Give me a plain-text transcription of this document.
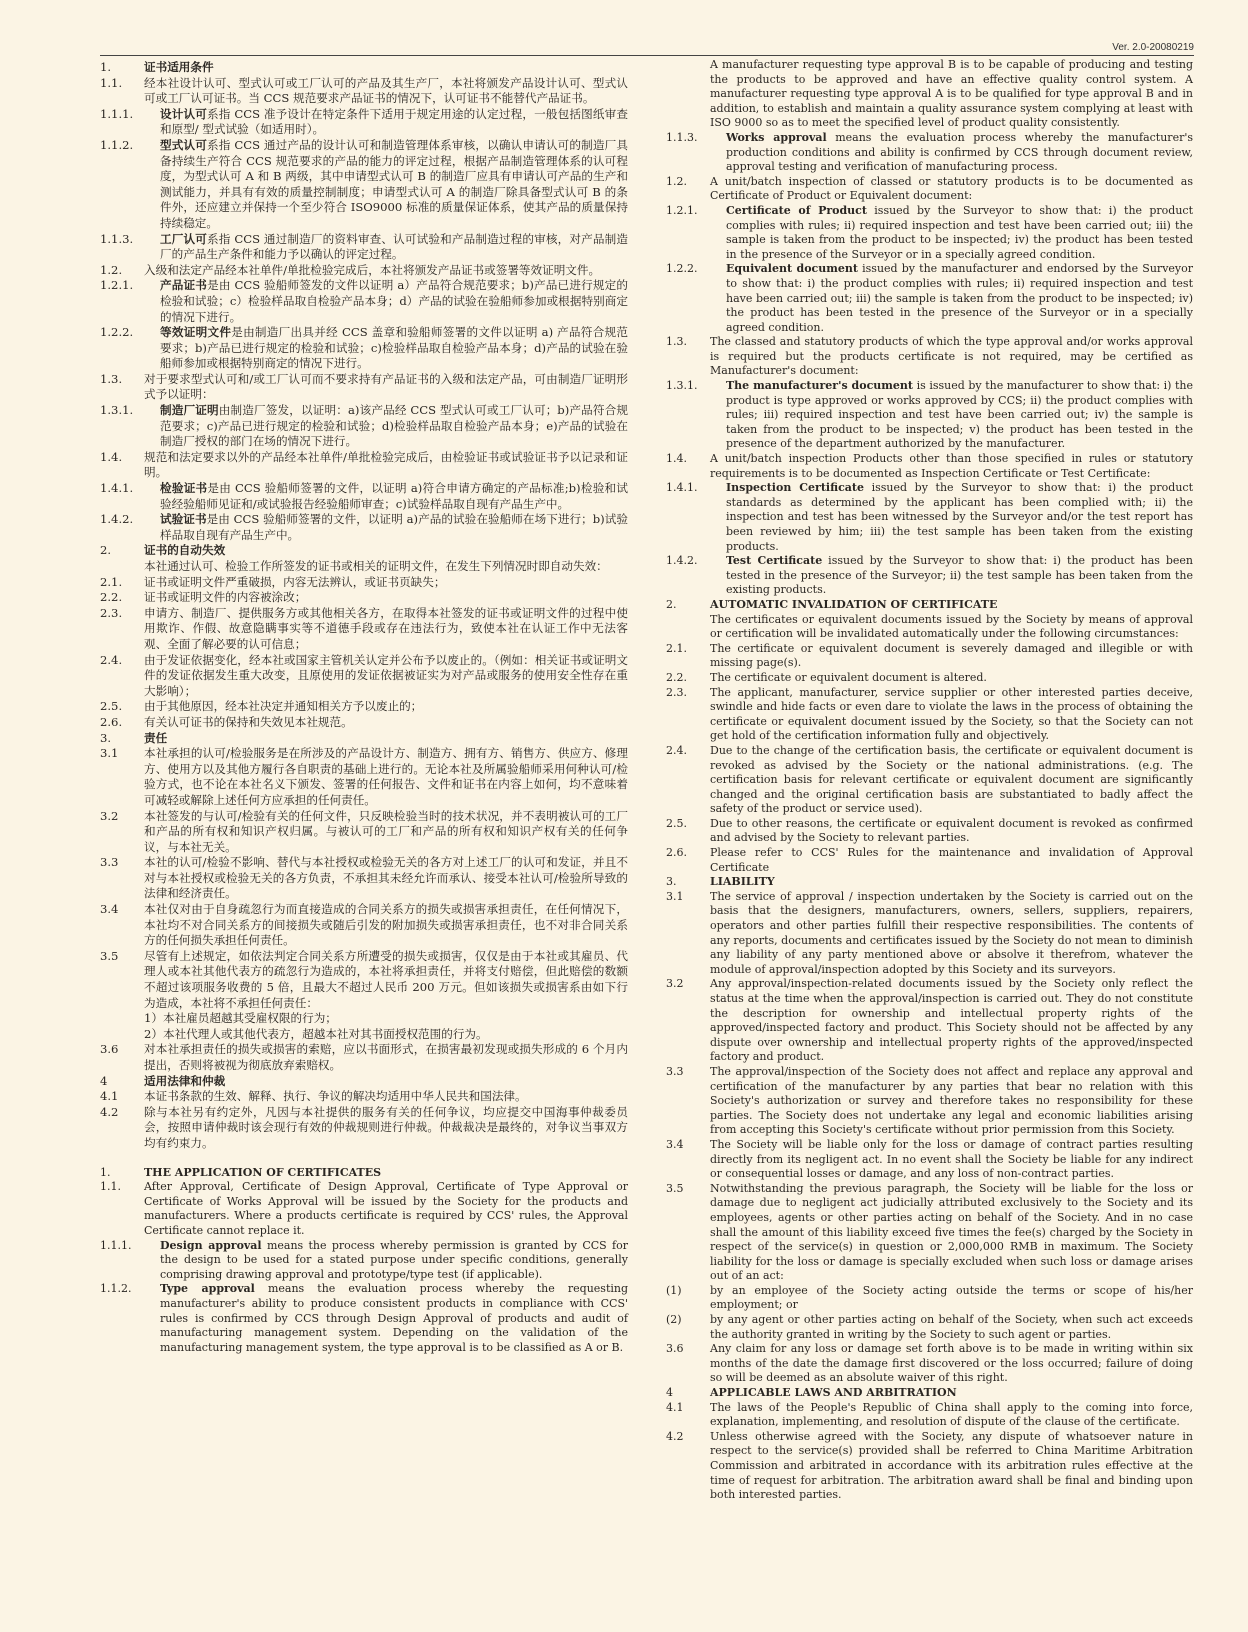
Ver. 2.0-20080219
1.	证书适用条件
1.1.	经本社设计认可、型式认可或工厂认可的产品及其生产厂，本社将颁发产品设计认可、型式认可或工厂认可证书。当 CCS 规范要求产品证书的情况下，认可证书不能替代产品证书。
1.1.1.	设计认可系指 CCS 准予设计在特定条件下适用于规定用途的认定过程，一般包括图纸审查和原型/ 型式试验（如适用时）。
1.1.2.	型式认可系指 CCS 通过产品的设计认可和制造管理体系审核，以确认申请认可的制造厂具备持续生产符合 CCS 规范要求的产品的能力的评定过程，根据产品制造管理体系的认可程度，为型式认可 A 和 B 两级，其中申请型式认可 B 的制造厂应具有申请认可产品的生产和测试能力，并具有有效的质量控制制度；申请型式认可 A 的制造厂除具备型式认可 B 的条件外，还应建立并保持一个至少符合 ISO9000 标准的质量保证体系，使其产品的质量保持持续稳定。
1.1.3.	工厂认可系指 CCS 通过制造厂的资料审查、认可试验和产品制造过程的审核，对产品制造厂的产品生产条件和能力予以确认的评定过程。
1.2.	入级和法定产品经本社单件/单批检验完成后，本社将颁发产品证书或签署等效证明文件。
1.2.1.	产品证书是由 CCS 验船师签发的文件以证明 a）产品符合规范要求；b)产品已进行规定的检验和试验；c）检验样品取自检验产品本身；d）产品的试验在验船师参加或根据特别商定的情况下进行。
1.2.2.	等效证明文件是由制造厂出具并经 CCS 盖章和验船师签署的文件以证明 a) 产品符合规范要求；b)产品已进行规定的检验和试验；c)检验样品取自检验产品本身；d)产品的试验在验船师参加或根据特别商定的情况下进行。
1.3.	对于要求型式认可和/或工厂认可而不要求持有产品证书的入级和法定产品，可由制造厂证明形式予以证明：
1.3.1.	制造厂证明由制造厂签发，以证明：a)该产品经 CCS 型式认可或工厂认可；b)产品符合规范要求；c)产品已进行规定的检验和试验；d)检验样品取自检验产品本身；e)产品的试验在制造厂授权的部门在场的情况下进行。
1.4.	规范和法定要求以外的产品经本社单件/单批检验完成后，由检验证书或试验证书予以记录和证明。
1.4.1.	检验证书是由 CCS 验船师签署的文件，以证明 a)符合申请方确定的产品标准;b)检验和试验经验船师见证和/或试验报告经验船师审查；c)试验样品取自现有产品生产中。
1.4.2.	试验证书是由 CCS 验船师签署的文件，以证明 a)产品的试验在验船师在场下进行；b)试验样品取自现有产品生产中。
2.	证书的自动失效
本社通过认可、检验工作所签发的证书或相关的证明文件，在发生下列情况时即自动失效：
2.1.	证书或证明文件严重破损，内容无法辨认，或证书页缺失；
2.2.	证书或证明文件的内容被涂改；
2.3.	申请方、制造厂、提供服务方或其他相关各方，在取得本社签发的证书或证明文件的过程中使用欺诈、作假、故意隐瞒事实等不道德手段或存在违法行为，致使本社在认证工作中无法客观、全面了解必要的认可信息；
2.4.	由于发证依据变化，经本社或国家主管机关认定并公布予以废止的。（例如：相关证书或证明文件的发证依据发生重大改变，且原使用的发证依据被证实为对产品或服务的使用安全性存在重大影响）；
2.5.	由于其他原因，经本社决定并通知相关方予以废止的；
2.6.	有关认可证书的保持和失效见本社规范。
3.	责任
3.1	本社承担的认可/检验服务是在所涉及的产品设计方、制造方、拥有方、销售方、供应方、修理方、使用方以及其他方履行各自职责的基础上进行的。无论本社及所属验船师采用何种认可/检验方式，也不论在本社名义下颁发、签署的任何报告、文件和证书在内容上如何，均不意味着可减轻或解除上述任何方应承担的任何责任。
3.2	本社签发的与认可/检验有关的任何文件，只反映检验当时的技术状况，并不表明被认可的工厂和产品的所有权和知识产权归属。与被认可的工厂和产品的所有权和知识产权有关的任何争议，与本社无关。
3.3	本社的认可/检验不影响、替代与本社授权或检验无关的各方对上述工厂的认可和发证，并且不对与本社授权或检验无关的各方负责，不承担其未经允许而承认、接受本社认可/检验所导致的法律和经济责任。
3.4	本社仅对由于自身疏忽行为而直接造成的合同关系方的损失或损害承担责任，在任何情况下，本社均不对合同关系方的间接损失或随后引发的附加损失或损害承担责任，也不对非合同关系方的任何损失承担任何责任。
3.5	尽管有上述规定，如依法判定合同关系方所遭受的损失或损害，仅仅是由于本社或其雇员、代理人或本社其他代表方的疏忽行为造成的，本社将承担责任，并将支付赔偿，但此赔偿的数额不超过该项服务收费的 5 倍，且最大不超过人民币 200 万元。但如该损失或损害系由如下行为造成，本社将不承担任何责任：
1）本社雇员超越其受雇权限的行为；
2）本社代理人或其他代表方，超越本社对其书面授权范围的行为。
3.6	对本社承担责任的损失或损害的索赔，应以书面形式，在损害最初发现或损失形成的 6 个月内提出，否则将被视为彻底放弃索赔权。
4	适用法律和仲裁
4.1	本证书条款的生效、解释、执行、争议的解决均适用中华人民共和国法律。
4.2	除与本社另有约定外，凡因与本社提供的服务有关的任何争议，均应提交中国海事仲裁委员会，按照申请仲裁时该会现行有效的仲裁规则进行仲裁。仲裁裁决是最终的，对争议当事双方均有约束力。
1.	THE APPLICATION OF CERTIFICATES
1.1.	After Approval, Certificate of Design Approval, Certificate of Type Approval or Certificate of Works Approval will be issued by the Society for the products and manufacturers. Where a products certificate is required by CCS' rules, the Approval Certificate cannot replace it.
1.1.1.	Design approval means the process whereby permission is granted by CCS for the design to be used for a stated purpose under specific conditions, generally comprising drawing approval and prototype/type test (if applicable).
1.1.2.	Type approval means the evaluation process whereby the requesting manufacturer's ability to produce consistent products in compliance with CCS' rules is confirmed by CCS through Design Approval of products and audit of manufacturing management system. Depending on the validation of the manufacturing management system, the type approval is to be classified as A or B.
A manufacturer requesting type approval B is to be capable of producing and testing the products to be approved and have an effective quality control system. A manufacturer requesting type approval A is to be qualified for type approval B and in addition, to establish and maintain a quality assurance system complying at least with ISO 9000 so as to meet the specified level of product quality consistently.
1.1.3.	Works approval means the evaluation process whereby the manufacturer's production conditions and ability is confirmed by CCS through document review, approval testing and verification of manufacturing process.
1.2.	A unit/batch inspection of classed or statutory products is to be documented as Certificate of Product or Equivalent document:
1.2.1.	Certificate of Product issued by the Surveyor to show that: i) the product complies with rules; ii) required inspection and test have been carried out; iii) the sample is taken from the product to be inspected; iv) the product has been tested in the presence of the Surveyor or in a specially agreed condition.
1.2.2.	Equivalent document issued by the manufacturer and endorsed by the Surveyor to show that: i) the product complies with rules; ii) required inspection and test have been carried out; iii) the sample is taken from the product to be inspected; iv) the product has been tested in the presence of the Surveyor or in a specially agreed condition.
1.3.	The classed and statutory products of which the type approval and/or works approval is required but the products certificate is not required, may be certified as Manufacturer's document:
1.3.1.	The manufacturer's document is issued by the manufacturer to show that: i) the product is type approved or works approved by CCS; ii) the product complies with rules; iii) required inspection and test have been carried out; iv) the sample is taken from the product to be inspected; v) the product has been tested in the presence of the department authorized by the manufacturer.
1.4.	A unit/batch inspection Products other than those specified in rules or statutory requirements is to be documented as Inspection Certificate or Test Certificate:
1.4.1.	Inspection Certificate issued by the Surveyor to show that: i) the product standards as determined by the applicant has been complied with; ii) the inspection and test has been witnessed by the Surveyor and/or the test report has been reviewed by him; iii) the test sample has been taken from the existing products.
1.4.2.	Test Certificate issued by the Surveyor to show that: i) the product has been tested in the presence of the Surveyor; ii) the test sample has been taken from the existing products.
2.	AUTOMATIC INVALIDATION OF CERTIFICATE
The certificates or equivalent documents issued by the Society by means of approval or certification will be invalidated automatically under the following circumstances:
2.1.	The certificate or equivalent document is severely damaged and illegible or with missing page(s).
2.2.	The certificate or equivalent document is altered.
2.3.	The applicant, manufacturer, service supplier or other interested parties deceive, swindle and hide facts or even dare to violate the laws in the process of obtaining the certificate or equivalent document issued by the Society, so that the Society can not get hold of the certification information fully and objectively.
2.4.	Due to the change of the certification basis, the certificate or equivalent document is revoked as advised by the Society or the national administrations. (e.g. The certification basis for relevant certificate or equivalent document are significantly changed and the original certification basis are substantiated to badly affect the safety of the product or service used).
2.5.	Due to other reasons, the certificate or equivalent document is revoked as confirmed and advised by the Society to relevant parties.
2.6.	Please refer to CCS' Rules for the maintenance and invalidation of Approval Certificate
3.	LIABILITY
3.1	The service of approval / inspection undertaken by the Society is carried out on the basis that the designers, manufacturers, owners, sellers, suppliers, repairers, operators and other parties fulfill their respective responsibilities. The contents of any reports, documents and certificates issued by the Society do not mean to diminish any liability of any party mentioned above or absolve it therefrom, whatever the module of approval/inspection adopted by this Society and its surveyors.
3.2	Any approval/inspection-related documents issued by the Society only reflect the status at the time when the approval/inspection is carried out. They do not constitute the description for ownership and intellectual property rights of the approved/inspected factory and product. This Society should not be affected by any dispute over ownership and intellectual property rights of the approved/inspected factory and product.
3.3	The approval/inspection of the Society does not affect and replace any approval and certification of the manufacturer by any parties that bear no relation with this Society's authorization or survey and therefore takes no responsibility for these parties. The Society does not undertake any legal and economic liabilities arising from accepting this Society's certificate without prior permission from this Society.
3.4	The Society will be liable only for the loss or damage of contract parties resulting directly from its negligent act. In no event shall the Society be liable for any indirect or consequential losses or damage, and any loss of non-contract parties.
3.5	Notwithstanding the previous paragraph, the Society will be liable for the loss or damage due to negligent act judicially attributed exclusively to the Society and its employees, agents or other parties acting on behalf of the Society. And in no case shall the amount of this liability exceed five times the fee(s) charged by the Society in respect of the service(s) in question or 2,000,000 RMB in maximum. The Society liability for the loss or damage is specially excluded when such loss or damage arises out of an act:
(1)	by an employee of the Society acting outside the terms or scope of his/her employment; or
(2)	by any agent or other parties acting on behalf of the Society, when such act exceeds the authority granted in writing by the Society to such agent or parties.
3.6	Any claim for any loss or damage set forth above is to be made in writing within six months of the date the damage first discovered or the loss occurred; failure of doing so will be deemed as an absolute waiver of this right.
4	APPLICABLE LAWS AND ARBITRATION
4.1	The laws of the People's Republic of China shall apply to the coming into force, explanation, implementing, and resolution of dispute of the clause of the certificate.
4.2	Unless otherwise agreed with the Society, any dispute of whatsoever nature in respect to the service(s) provided shall be referred to China Maritime Arbitration Commission and arbitrated in accordance with its arbitration rules effective at the time of request for arbitration. The arbitration award shall be final and binding upon both interested parties.
